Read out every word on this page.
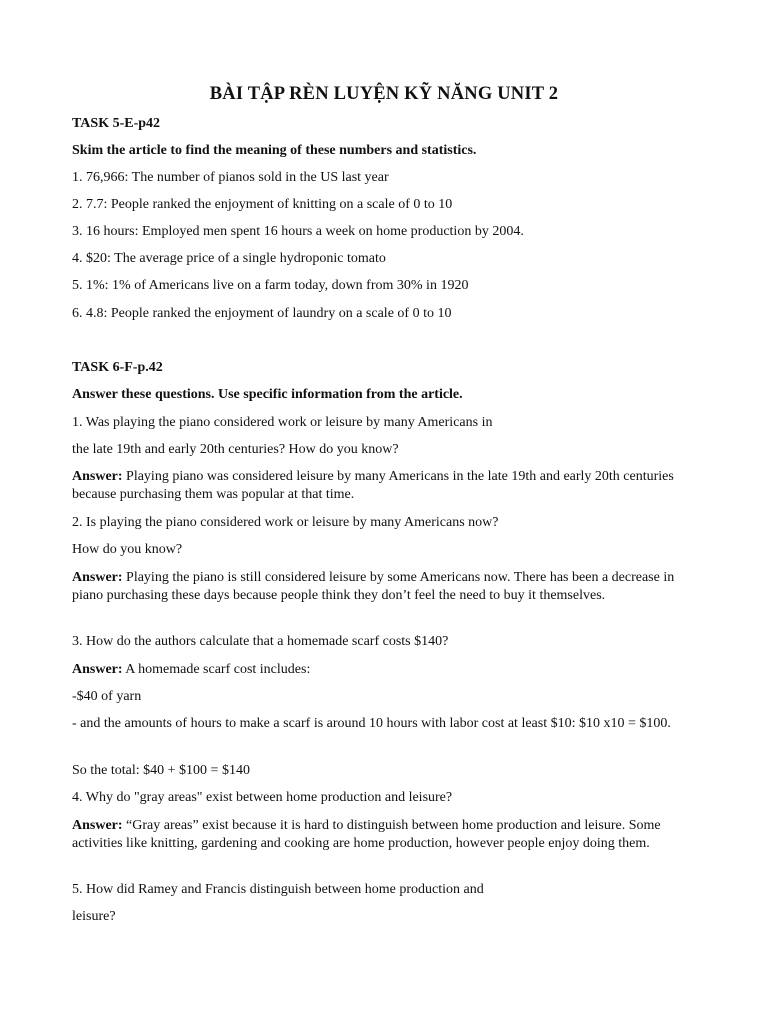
BÀI TẬP RÈN LUYỆN KỸ NĂNG UNIT 2
TASK 5-E-p42
Skim the article to find the meaning of these numbers and statistics.
1. 76,966: The number of pianos sold in the US last year
2. 7.7: People ranked the enjoyment of knitting on a scale of 0 to 10
3. 16 hours: Employed men spent 16 hours a week on home production by 2004.
4. $20: The average price of a single hydroponic tomato
5. 1%: 1% of Americans live on a farm today, down from 30% in 1920
6. 4.8: People ranked the enjoyment of laundry on a scale of 0 to 10
TASK 6-F-p.42
Answer these questions. Use specific information from the article.
1. Was playing the piano considered work or leisure by many Americans in
the late 19th and early 20th centuries? How do you know?
Answer: Playing piano was considered leisure by many Americans in the late 19th and early 20th centuries because purchasing them was popular at that time.
2. Is playing the piano considered work or leisure by many Americans now?
How do you know?
Answer: Playing the piano is still considered leisure by some Americans now. There has been a decrease in piano purchasing these days because people think they don’t feel the need to buy it themselves.
3. How do the authors calculate that a homemade scarf costs $140?
Answer: A homemade scarf cost includes:
-$40 of yarn
- and the amounts of hours to make a scarf is around 10 hours with labor cost at least $10: $10 x10 = $100.
So the total: $40 + $100 = $140
4. Why do "gray areas" exist between home production and leisure?
Answer: “Gray areas” exist because it is hard to distinguish between home production and leisure. Some activities like knitting, gardening and cooking are home production, however people enjoy doing them.
5. How did Ramey and Francis distinguish between home production and
leisure?
